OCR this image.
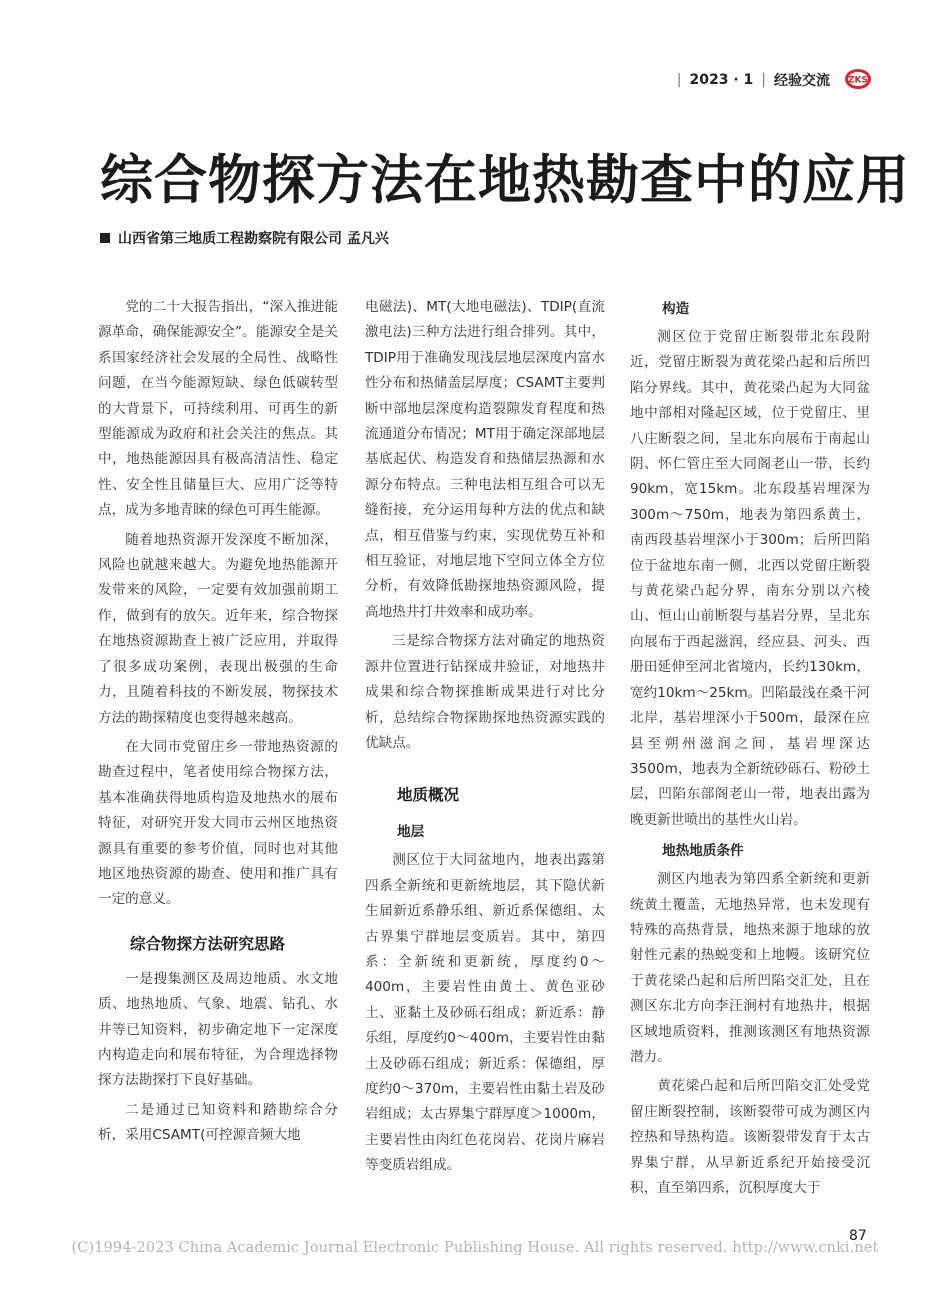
| 2023 · 1 | 经验交流 ZKS
综合物探方法在地热勘查中的应用
山西省第三地质工程勘察院有限公司 孟凡兴

党的二十大报告指出，“深入推进能源革命，确保能源安全”。能源安全是关系国家经济社会发展的全局性、战略性问题，在当今能源短缺、绿色低碳转型的大背景下，可持续利用、可再生的新型能源成为政府和社会关注的焦点。其中，地热能源因具有极高清洁性、稳定性、安全性且储量巨大、应用广泛等特点，成为多地青睐的绿色可再生能源。

随着地热资源开发深度不断加深，风险也就越来越大。为避免地热能源开发带来的风险，一定要有效加强前期工作，做到有的放矢。近年来，综合物探在地热资源勘查上被广泛应用，并取得了很多成功案例，表现出极强的生命力，且随着科技的不断发展，物探技术方法的勘探精度也变得越来越高。

在大同市党留庄乡一带地热资源的勘查过程中，笔者使用综合物探方法，基本准确获得地质构造及地热水的展布特征，对研究开发大同市云州区地热资源具有重要的参考价值，同时也对其他地区地热资源的勘查、使用和推广具有一定的意义。

综合物探方法研究思路

一是搜集测区及周边地质、水文地质、地热地质、气象、地震、钻孔、水井等已知资料，初步确定地下一定深度内构造走向和展布特征，为合理选择物探方法勘探打下良好基础。

二是通过已知资料和踏勘综合分析，采用CSAMT(可控源音频大地

电磁法)、MT(大地电磁法)、TDIP(直流激电法)三种方法进行组合排列。其中，TDIP用于准确发现浅层地层深度内富水性分布和热储盖层厚度；CSAMT主要判断中部地层深度构造裂隙发育程度和热流通道分布情况；MT用于确定深部地层基底起伏、构造发育和热储层热源和水源分布特点。三种电法相互组合可以无缝衔接，充分运用每种方法的优点和缺点，相互借鉴与约束，实现优势互补和相互验证，对地层地下空间立体全方位分析，有效降低勘探地热资源风险，提高地热井打井效率和成功率。

三是综合物探方法对确定的地热资源井位置进行钻探成井验证，对地热井成果和综合物探推断成果进行对比分析，总结综合物探勘探地热资源实践的优缺点。

地质概况
地层

测区位于大同盆地内，地表出露第四系全新统和更新统地层，其下隐伏新生届新近系静乐组、新近系保德组、太古界集宁群地层变质岩。其中，第四系：全新统和更新统，厚度约0～400m，主要岩性由黄土、黄色亚砂土、亚黏土及砂砾石组成；新近系：静乐组，厚度约0～400m，主要岩性由黏土及砂砾石组成；新近系：保德组，厚度约0～370m，主要岩性由黏土岩及砂岩组成；太古界集宁群厚度＞1000m，主要岩性由肉红色花岗岩、花岗片麻岩等变质岩组成。

构造

测区位于党留庄断裂带北东段附近，党留庄断裂为黄花梁凸起和后所凹陷分界线。其中，黄花梁凸起为大同盆地中部相对隆起区域，位于党留庄、里八庄断裂之间，呈北东向展布于南起山阴、怀仁管庄至大同阁老山一带，长约90km，宽15km。北东段基岩埋深为300m～750m，地表为第四系黄土，南西段基岩埋深小于300m；后所凹陷位于盆地东南一侧，北西以党留庄断裂与黄花梁凸起分界，南东分别以六棱山、恒山山前断裂与基岩分界，呈北东向展布于西起滋润，经应县、河头、西册田延伸至河北省境内，长约130km，宽约10km～25km。凹陷最浅在桑干河北岸，基岩埋深小于500m，最深在应县至朔州滋润之间，基岩埋深达3500m，地表为全新统砂砾石、粉砂土层，凹陷东部阁老山一带，地表出露为晚更新世喷出的基性火山岩。

地热地质条件

测区内地表为第四系全新统和更新统黄土覆盖，无地热异常，也未发现有特殊的高热背景，地热来源于地球的放射性元素的热蜕变和上地幔。该研究位于黄花梁凸起和后所凹陷交汇处，且在测区东北方向李汪涧村有地热井，根据区域地质资料，推测该测区有地热资源潜力。

黄花梁凸起和后所凹陷交汇处受党留庄断裂控制，该断裂带可成为测区内控热和导热构造。该断裂带发育于太古界集宁群，从早新近系纪开始接受沉积，直至第四系，沉积厚度大于

87
(C)1994-2023 China Academic Journal Electronic Publishing House. All rights reserved. http://www.cnki.net
